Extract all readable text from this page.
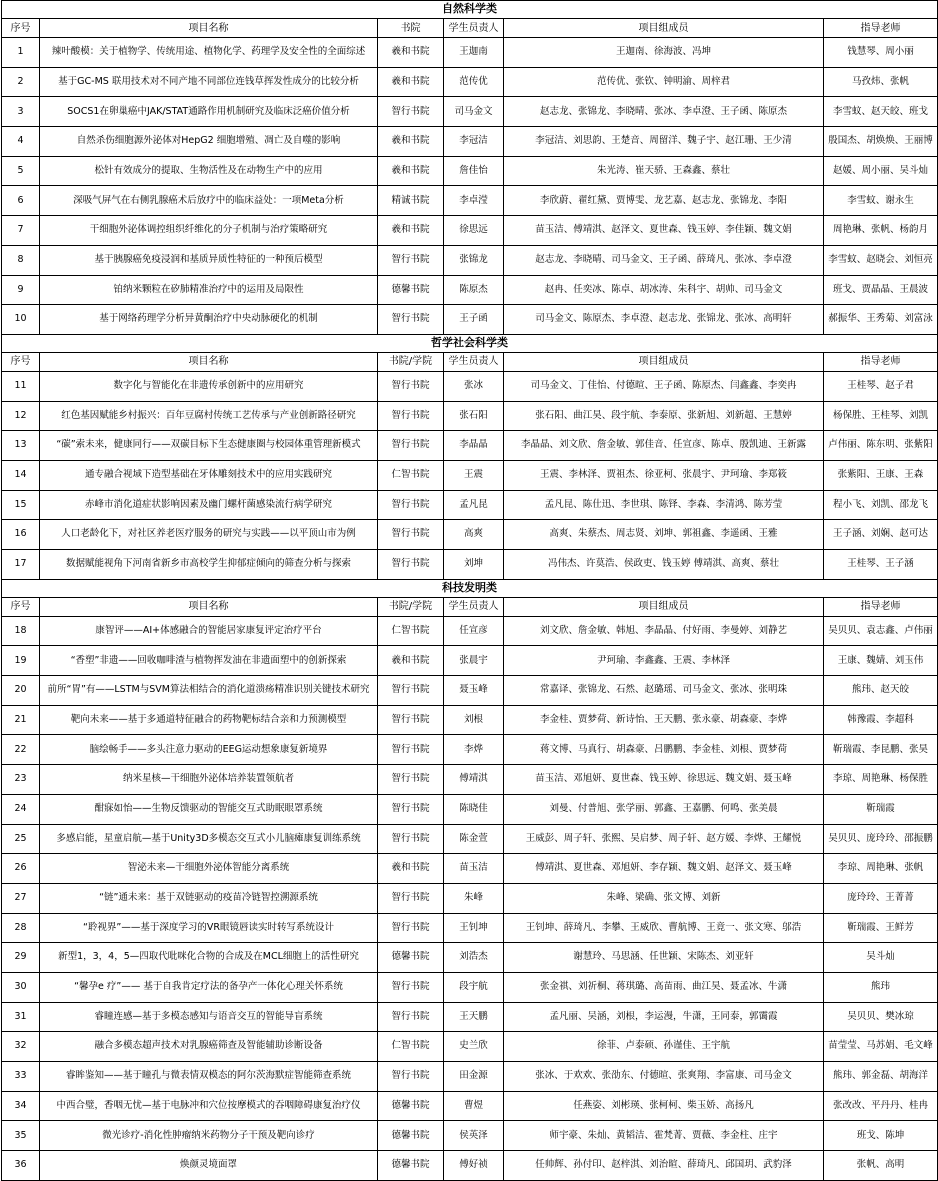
自然科学类					
序号	项目名称	书院	学生员责人	项目组成员	指导老师
1	辣叶酸模：关于植物学、传统用途、植物化学、药理学及安全性的全面综述	羲和书院	王迦南	王迦南、徐海波、冯坤	钱慧琴、周小丽
2	基于GC-MS 联用技术对不同产地不同部位连钱草挥发性成分的比较分析	羲和书院	范传优	范传优、张钦、钟明渝、周梓君	马孜炜、张帆
3	SOCS1在卵巢癌中JAK/STAT通路作用机制研究及临床泛癌价值分析	智行书院	司马金文	赵志龙、张锦龙、李晓晴、张冰、李卓澄、王子函、陈原杰	李雪蚊、赵天皎、班戈
4	自然杀伤细胞源外泌体对HepG2 细胞增殖、凋亡及自噬的影响	羲和书院	李冠洁	李冠洁、刘思韵、王楚音、周留洋、魏子宇、赵江珊、王少清	殷国杰、胡焕焕、王丽博
5	松针有效成分的提取、生物活性及在动物生产中的应用	羲和书院	詹佳怡	朱光涛、崔天骄、王森鑫、蔡壮	赵媛、周小丽、吴斗灿
6	深吸气屏气在右侧乳腺癌术后放疗中的临床益处：一项Meta分析	精诚书院	李卓滢	李欣蔚、翟红黛、贾博雯、龙艺嘉、赵志龙、张锦龙、李阳	李雪蚊、谢永生
7	干细胞外泌体调控组织纤维化的分子机制与治疗策略研究	羲和书院	徐思远	苗玉洁、傅靖淇、赵泽文、夏世森、钱玉婷、李佳颖、魏文娟	周艳琳、张帆、杨韵月
8	基于胰腺癌免疫浸润和基质异质性特征的一种预后模型	智行书院	张锦龙	赵志龙、李晓晴、司马金文、王子函、薛琦凡、张冰、李卓澄	李雪蚊、赵晓会、刘恒亮
9	铂纳米颗粒在矽肺精准治疗中的运用及局限性	德馨书院	陈原杰	赵冉、任奕冰、陈卓、胡冰涛、朱科宇、胡帅、司马金文	班戈、贾晶晶、王晨波
10	基于网络药理学分析异黄酮治疗中央动脉硬化的机制	智行书院	王子函	司马金文、陈原杰、李卓澄、赵志龙、张锦龙、张冰、高明轩	郝振华、王秀菊、刘富泳
哲学社会科学类					
序号	项目名称	书院/学院	学生员责人	项目组成员	指导老师
11	数字化与智能化在非遗传承创新中的应用研究	智行书院	张冰	司马金文、丁佳怡、付德暄、王子函、陈原杰、闫鑫鑫、李奕冉	王桂琴、赵子君
12	红色基因赋能乡村振兴：百年豆腐村传统工艺传承与产业创新路径研究	智行书院	张石阳	张石阳、曲江昊、段宇航、李泰原、张新旭、刘新超、王慧婷	杨保胜、王桂琴、刘凯
13	“碳”索未来，健康同行——双碳目标下生态健康圈与校园体重管理新模式	智行书院	李晶晶	李晶晶、刘文欣、詹金敏、郭佳音、任宣彦、陈卓、殷凯迪、王新露	卢伟丽、陈东明、张紫阳
14	通专融合视域下造型基础在牙体雕刻技术中的应用实践研究	仁智书院	王震	王震、李林泽、贾祖杰、徐亚柯、张晨宇、尹珂瑜、李郑筱	张紫阳、王康、王森
15	赤峰市消化道症状影响因素及幽门螺杆菌感染流行病学研究	智行书院	孟凡昆	孟凡昆、陈仕迅、李世琪、陈铎、李森、李清鸿、陈芳莹	程小飞、刘凯、邵龙飞
16	人口老龄化下，对社区养老医疗服务的研究与实践——以平顶山市为例	智行书院	高爽	高爽、朱蔡杰、周志贤、刘坤、郭祖鑫、李遥函、王雅	王子涵、刘娴、赵可达
17	数据赋能视角下河南省新乡市高校学生抑郁症倾向的筛查分析与探索	智行书院	刘坤	冯伟杰、许莫浩、侯政吏、钱玉婷 傅靖淇、高爽、蔡壮	王桂琴、王子涵
科技发明类					
序号	项目名称	书院/学院	学生员责人	项目组成员	指导老师
18	康智评——AI+体感融合的智能居家康复评定治疗平台	仁智书院	任宣彦	刘文欣、詹金敏、韩旭、李晶晶、付好雨、李曼婷、刘静艺	吴贝贝、袁志鑫、卢伟丽
19	“香塑”非遗——回收咖啡渣与植物挥发油在非遗面塑中的创新探索	羲和书院	张晨宇	尹珂瑜、李鑫鑫、王震、李林泽	王康、魏婧、刘玉伟
20	前所“胃”有——LSTM与SVM算法相结合的消化道溃疡精准识别关键技术研究	智行书院	聂玉峰	常嘉译、张锦龙、石然、赵璐瑶、司马金文、张冰、张明珠	熊玮、赵天皎
21	靶向未来——基于多通道特征融合的药物靶标结合亲和力预测模型	智行书院	刘根	李金桂、贾梦荷、新诗怡、王天鹏、张永豪、胡森豪、李烨	韩豫霞、李超科
22	脑绘畅手——多头注意力驱动的EEG运动想象康复新境界	智行书院	李烨	蒋文博、马真行、胡森豪、吕鹏鹏、李金桂、刘根、贾梦荷	靳瑞霞、李昆鹏、张昊
23	纳米星核—干细胞外泌体培养装置领航者	智行书院	傅靖淇	苗玉洁、邓旭妍、夏世森、钱玉婷、徐思远、魏文娟、聂玉峰	李琼、周艳琳、杨保胜
24	酣寐如怡——生物反馈驱动的智能交互式助眠眼罩系统	智行书院	陈晓佳	刘曼、付普旭、张学丽、郭鑫、王嘉鹏、何鸣、张美晨	靳瑞霞
25	多感启能，星童启航—基于Unity3D多模态交互式小儿脑瘫康复训练系统	智行书院	陈金萱	王威彭、周子轩、张熙、吴启梦、周子轩、赵方媛、李烨、王耀悦	吴贝贝、庞玲玲、邵振鹏
26	智泌未来—干细胞外泌体智能分离系统	羲和书院	苗玉洁	傅靖淇、夏世森、邓旭妍、李存颖、魏文娟、赵泽文、聂玉峰	李琼、周艳琳、张帆
27	“链”通未来：基于双链驱动的疫苗冷链智控溯源系统	智行书院	朱峰	朱峰、梁确、张文博、刘新	庞玲玲、王菁菁
28	“聆视界”——基于深度学习的VR眼镜唇读实时转写系统设计	智行书院	王钊坤	王钊坤、薛琦凡、李攀、王威欣、曹航博、王竟一、张文寒、邬浩	靳瑞霞、王鲜芳
29	新型1，3，4，5—四取代吡咪化合物的合成及在MCL细胞上的活性研究	德馨书院	刘浩杰	谢慧玲、马思涵、任世颖、宋陈杰、刘亚轩	吴斗灿
30	“馨孕e 疗”—— 基于自我肯定疗法的备孕产一体化心理关怀系统	智行书院	段宇航	张金祺、刘祈桐、蒋琪璐、高苗雨、曲江昊、聂孟冰、牛潇	熊玮
31	睿瞳连感—基于多模态感知与语音交互的智能导盲系统	智行书院	王天鹏	孟凡丽、吴涵，刘根，李运漫，牛潇，王同泰，郭霭霞	吴贝贝、樊冰琼
32	融合多模态超声技术对乳腺癌筛查及智能辅助诊断设备	仁智书院	史兰欣	徐菲、卢泰硕、孙谨佳、王宇航	苗莹莹、马苏娟、毛文峰
33	睿眸鉴知——基于瞳孔与微表情双模态的阿尔茨海默症智能筛查系统	智行书院	田金源	张冰、于欢欢、张劭东、付德暄、张爽翔、李富康、司马金文	熊玮、郭金磊、胡海洋
34	中西合璧，香咽无忧—基于电脉冲和穴位按摩模式的吞咽障碍康复治疗仪	德馨书院	曹煜	任燕姿、刘彬瑛、张柯柯、柴玉娇、高扬凡	张改改、平丹丹、桂冉
35	微光诊疗-消化性肿瘤纳米药物分子干预及靶向诊疗	德馨书院	侯英泽	师宇豪、朱灿、黄韬洁、霍梵菁、贾薇、李金柱、庄宇	班戈、陈坤
36	焕颜灵境面罩	德馨书院	傅好祯	任帅辉、孙付印、赵梓淇、刘治暄、薛琦凡、邱国玥、武豹泽	张帆、高明
